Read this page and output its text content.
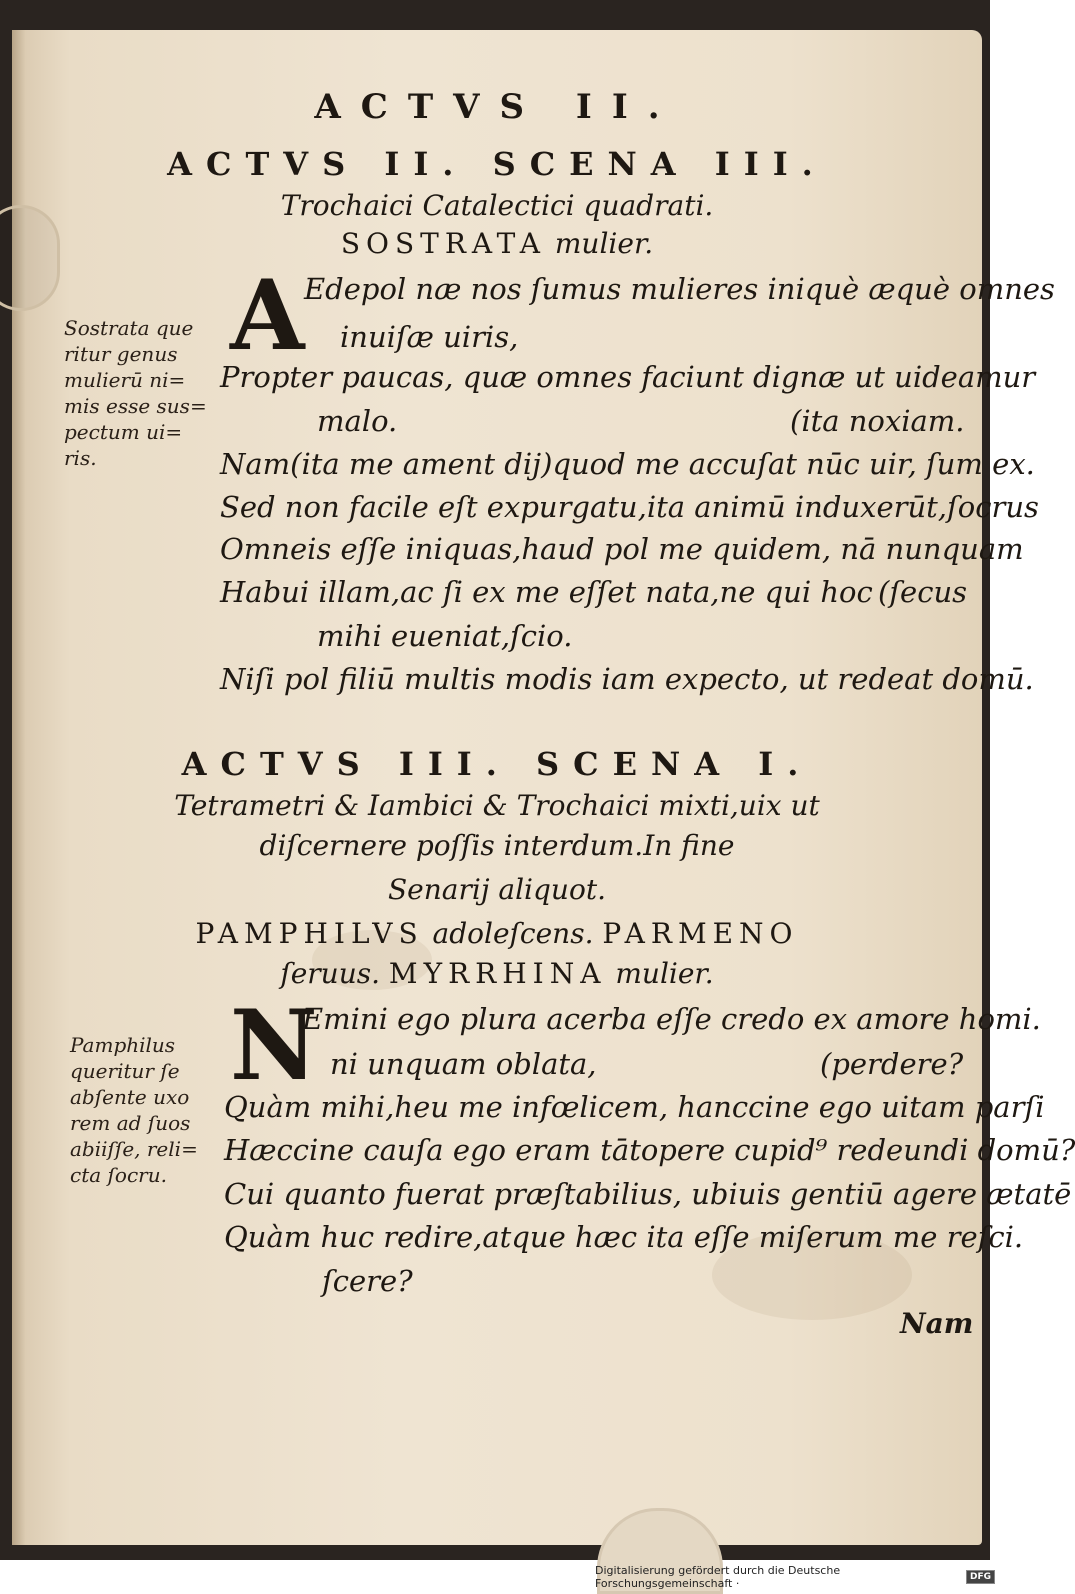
ACTVS II.
ACTVS II. SCENA III.
Trochaici Catalectici quadrati.
SOSTRATA mulier.
Sostrata que
ritur genus
mulierū ni=
mis esse sus=
pectum ui=
ris.
A Edepol næ nos ſumus mulieres iniquè æquè omnes
inuiſæ uiris,
Propter paucas, quæ omnes faciunt dignæ ut uideamur
malo.	(ita noxiam.
Nam(ita me ament dij)quod me accuſat nūc uir, ſum ex.
Sed non facile eſt expurgatu,ita animū induxerūt,ſocrus
Omneis eſſe iniquas,haud pol me quidem, nā nunquam
Habui illam,ac ſi ex me eſſet nata,ne qui hoc (ſecus
mihi eueniat,ſcio.
Niſi pol filiū multis modis iam expecto, ut redeat domū.
ACTVS III. SCENA I.
Tetrametri & Iambici & Trochaici mixti,uix ut
diſcernere poſſis interdum.In fine
Senarij aliquot.
PAMPHILVS adoleſcens. PARMENO
ſeruus. MYRRHINA mulier.
Pamphilus
queritur ſe
abſente uxo
rem ad ſuos
abiiſſe, reli=
cta ſocru.
N
Emini ego plura acerba eſſe credo ex amore homi.
ni unquam oblata,	(perdere?
Quàm mihi,heu me infœlicem, hanccine ego uitam parſi
Hæccine cauſa ego eram tātopere cupid⁹ redeundi domū?
Cui quanto fuerat præſtabilius, ubiuis gentiū agere ætatē
Quàm huc redire,atque hæc ita eſſe miſerum me reſci.
ſcere?
Nam
Digitalisierung gefördert durch die Deutsche Forschungsgemeinschaft ·	DFG
